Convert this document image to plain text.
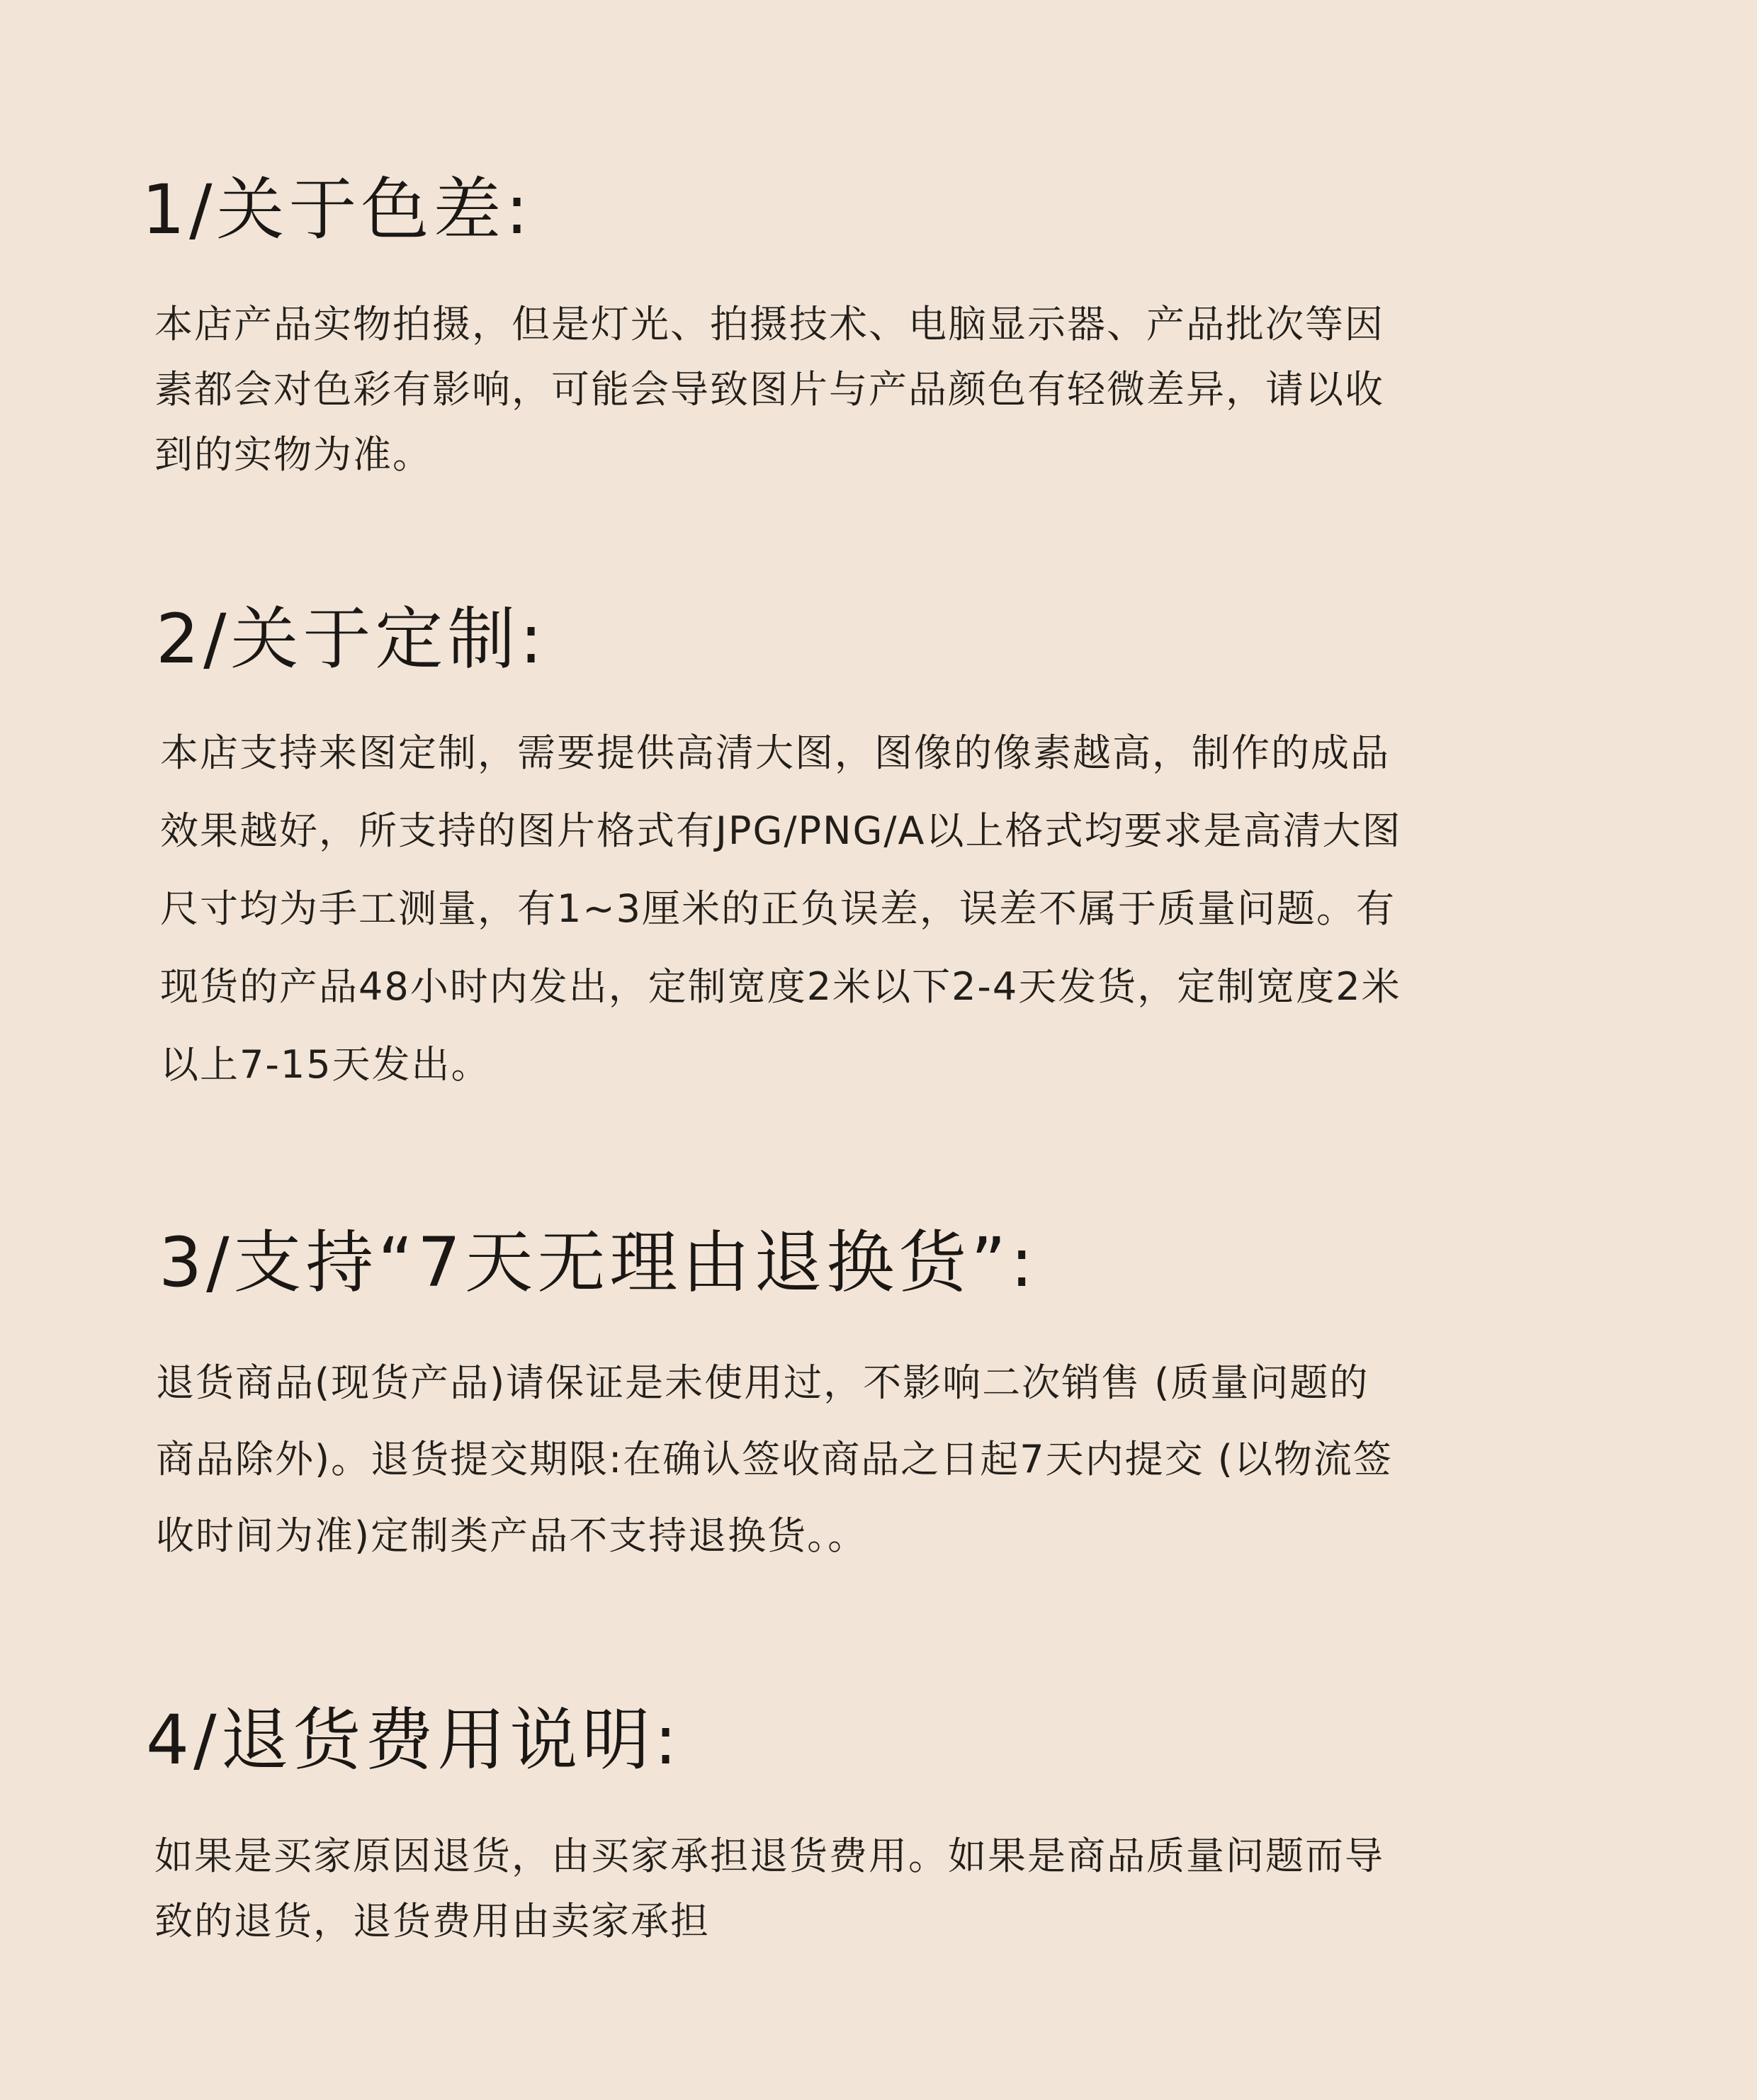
1/关于色差:
本店产品实物拍摄，但是灯光、拍摄技术、电脑显示器、产品批次等因
素都会对色彩有影响，可能会导致图片与产品颜色有轻微差异，请以收
到的实物为准。
2/关于定制:
本店支持来图定制，需要提供高清大图，图像的像素越高，制作的成品
效果越好，所支持的图片格式有JPG/PNG/A以上格式均要求是高清大图
尺寸均为手工测量，有1~3厘米的正负误差，误差不属于质量问题。有
现货的产品48小时内发出，定制宽度2米以下2-4天发货，定制宽度2米
以上7-15天发出。
3/支持“7天无理由退换货”:
退货商品(现货产品)请保证是未使用过，不影响二次销售 (质量问题的
商品除外)。退货提交期限:在确认签收商品之日起7天内提交 (以物流签
收时间为准)定制类产品不支持退换货。。
4/退货费用说明:
如果是买家原因退货，由买家承担退货费用。如果是商品质量问题而导
致的退货，退货费用由卖家承担
